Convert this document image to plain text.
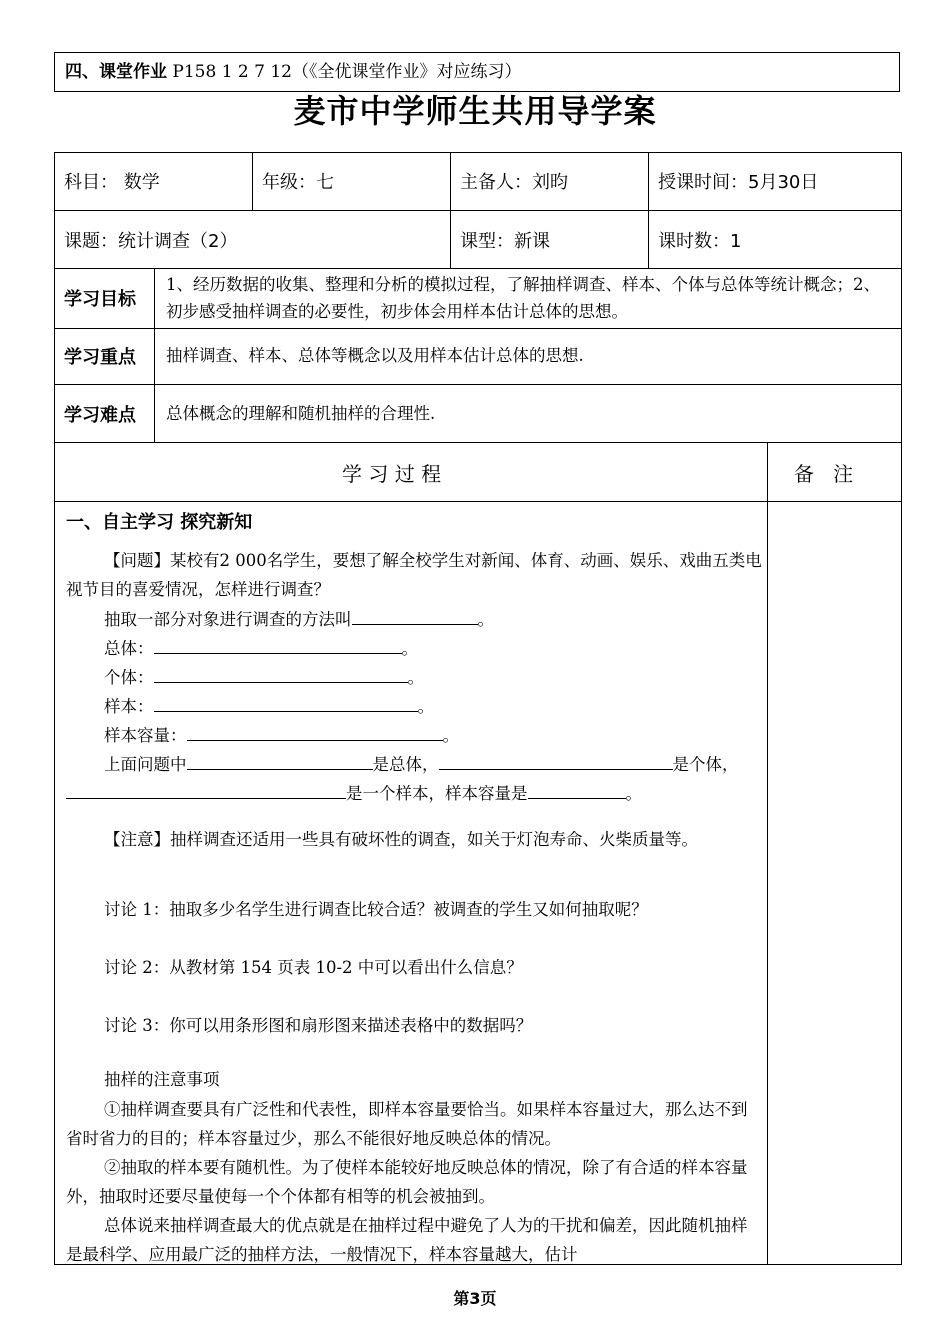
四、课堂作业 P158 1 2 7 12（《全优课堂作业》对应练习）
麦市中学师生共用导学案
科目： 数学	年级：七	主备人：刘昀	授课时间：5月30日
课题：统计调查（2）	课型：新课	课时数：1
学习目标
1、经历数据的收集、整理和分析的模拟过程，了解抽样调查、样本、个体与总体等统计概念；2、初步感受抽样调查的必要性，初步体会用样本估计总体的思想。
学习重点 抽样调查、样本、总体等概念以及用样本估计总体的思想.
学习难点 总体概念的理解和随机抽样的合理性.
学 习 过 程	备   注
一、自主学习 探究新知
【问题】某校有2 000名学生，要想了解全校学生对新闻、体育、动画、娱乐、戏曲五类电视节目的喜爱情况，怎样进行调查？
抽取一部分对象进行调查的方法叫	。
总体：	。
个体：	。
样本：	。
样本容量：	。
上面问题中	是总体，	是个体，
是一个样本，样本容量是	。
【注意】抽样调查还适用一些具有破坏性的调查，如关于灯泡寿命、火柴质量等。
讨论 1：抽取多少名学生进行调查比较合适？被调查的学生又如何抽取呢？
讨论 2：从教材第 154 页表 10-2 中可以看出什么信息？
讨论 3：你可以用条形图和扇形图来描述表格中的数据吗？
抽样的注意事项
①抽样调查要具有广泛性和代表性，即样本容量要恰当。如果样本容量过大，那么达不到省时省力的目的；样本容量过少，那么不能很好地反映总体的情况。
②抽取的样本要有随机性。为了使样本能较好地反映总体的情况，除了有合适的样本容量外，抽取时还要尽量使每一个个体都有相等的机会被抽到。
总体说来抽样调查最大的优点就是在抽样过程中避免了人为的干扰和偏差，因此随机抽样是最科学、应用最广泛的抽样方法，一般情况下，样本容量越大，估计
第3页
